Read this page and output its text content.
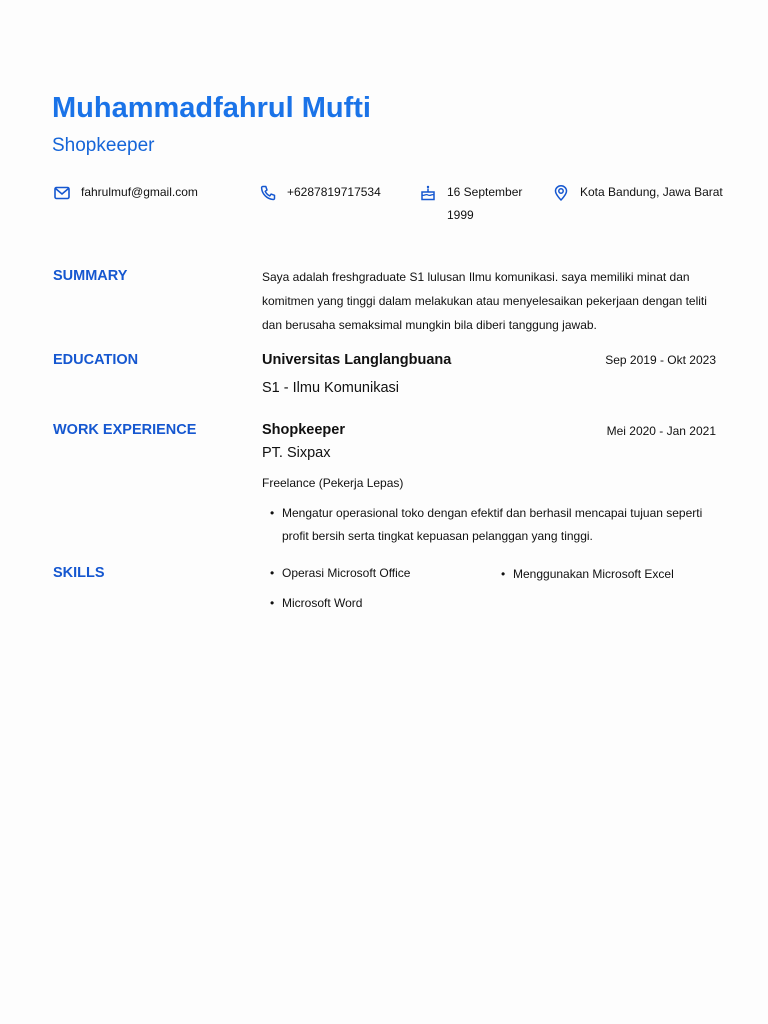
Muhammadfahrul Mufti
Shopkeeper
fahrulmuf@gmail.com	+6287819717534	16 September 1999
Kota Bandung, Jawa Barat
SUMMARY	Saya adalah freshgraduate S1 lulusan Ilmu komunikasi. saya memiliki minat dan komitmen yang tinggi dalam melakukan atau menyelesaikan pekerjaan dengan teliti dan berusaha semaksimal mungkin bila diberi tanggung jawab.
EDUCATION	Universitas Langlangbuana	Sep 2019 - Okt 2023
S1 - Ilmu Komunikasi
WORK EXPERIENCE	Shopkeeper	Mei 2020 - Jan 2021
PT. Sixpax
Freelance (Pekerja Lepas)
• Mengatur operasional toko dengan efektif dan berhasil mencapai tujuan seperti profit bersih serta tingkat kepuasan pelanggan yang tinggi.
SKILLS	• Operasi Microsoft Office	• Menggunakan Microsoft Excel
• Microsoft Word
